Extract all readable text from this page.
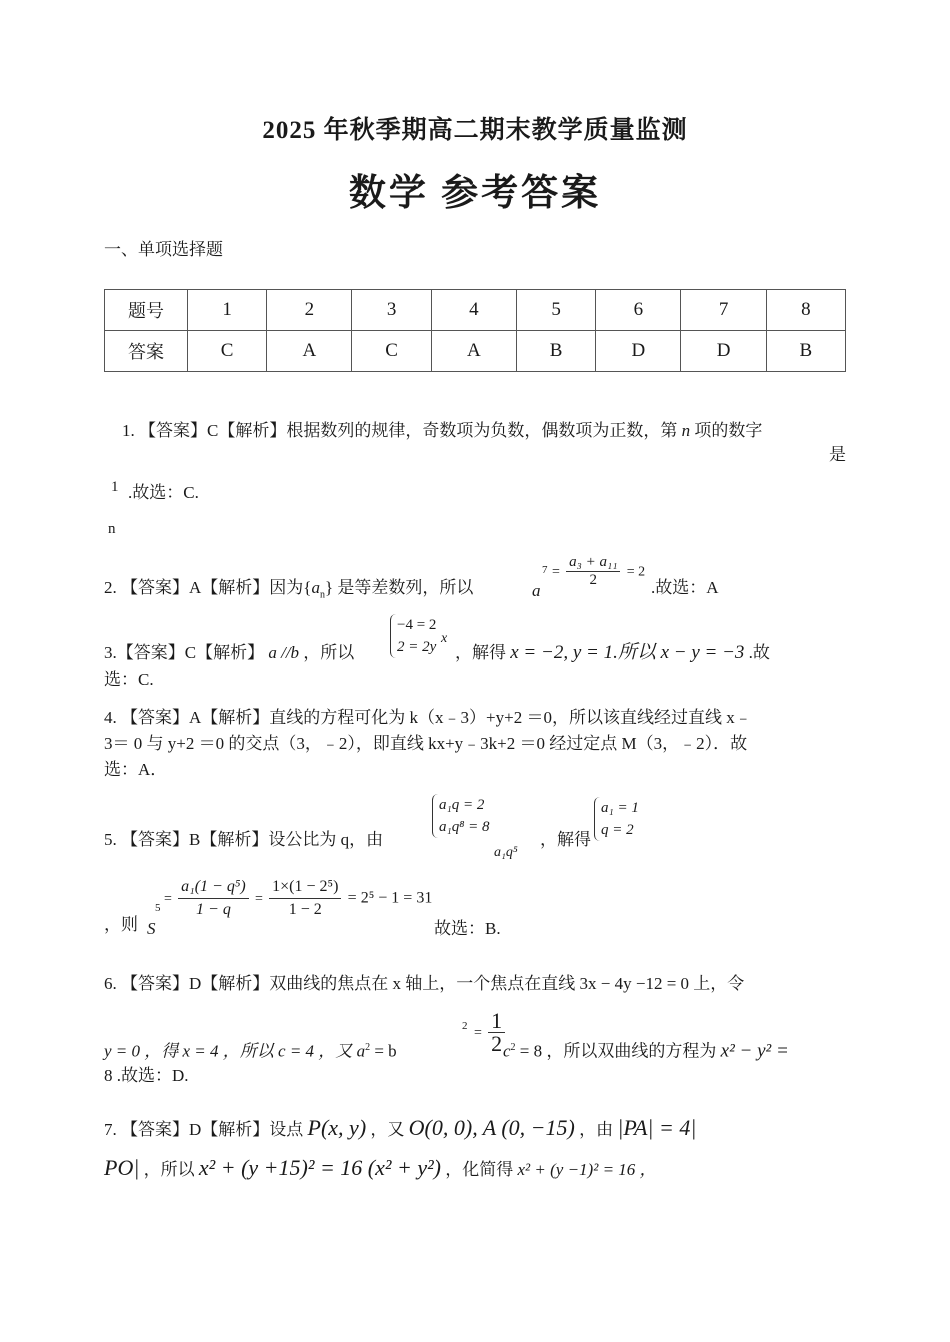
2025 年秋季期高二期末教学质量监测
数学 参考答案
一、单项选择题
题号	1	2	3	4	5	6	7	8
答案	C	A	C	A	B	D	D	B
1. 【答案】C【解析】根据数列的规律，奇数项为负数，偶数项为正数，第 n 项的数字
是
1 .故选：C.
n
2. 【答案】A【解析】因为$\{a_n\}$ 是等差数列，所以	a
$7 = \frac{\text{a₃ + a₁₁}}{2} = 2$
.故选：A
3.【答案】C【解析】 a //b ，所以
−4 = 2
2 = 2y
x
，解得 x = −2, y = 1.所以 x − y = −3 .故
选：C.
4. 【答案】A【解析】直线的方程可化为 k（x﹣3）+y+2 ＝0，所以该直线经过直线 x﹣
3＝ 0 与 y+2 ＝0 的交点（3，﹣2），即直线 kx+y﹣3k+2 ＝0 经过定点 M（3，﹣2）．故
选：A．
5. 【答案】B【解析】设公比为 q，由
a₁q = 2
a₁q⁸ = 8
a₁q⁵
，解得
a₁ = 1
q = 2
，则 S
5
= $\frac{\text{a₁(1 − q⁵)}}{1 - q} = \frac{\text{1×(1 − 2⁵)}}{1 - 2} = 2^5 - 1 = 31$
故选：B.
6. 【答案】D【解析】双曲线的焦点在 x 轴上，一个焦点在直线 3x − 4y −12 = 0 上，令
y = 0 ，得 x = 4 ，所以 c = 4 ，又 $a^2 = b$
$2 = \frac{1}{2}$
$c^2 = 8$ ，所以双曲线的方程为 x² − y² =
8 .故选：D.
7. 【答案】D【解析】设点 P(x, y) ，又 O(0, 0), A (0, −15) ，由 |PA| = 4|
PO| ，所以 x² + (y +15)² = 16 (x² + y²) ，化简得 x² + (y −1)² = 16 ，
